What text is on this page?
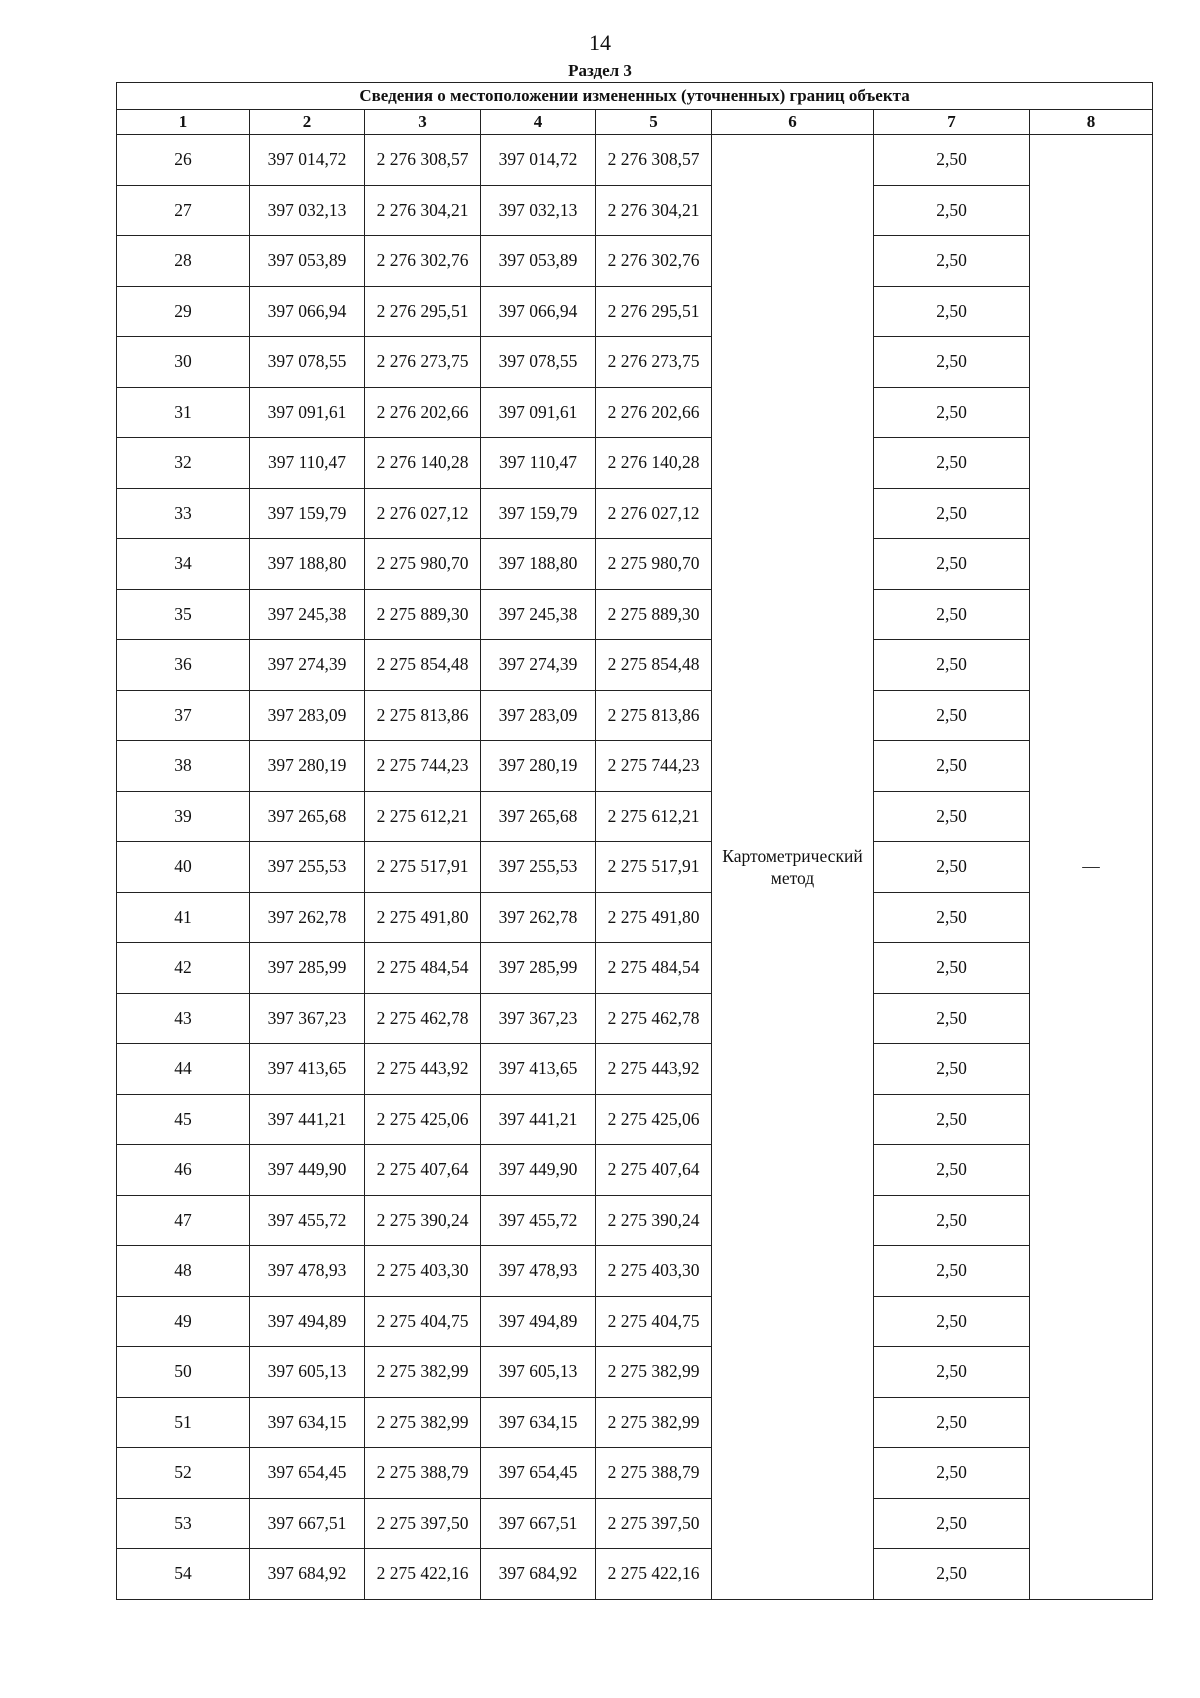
14
Раздел 3
Сведения о местоположении измененных (уточненных) границ объекта							
1	2	3	4	5	6	7	8
26	397 014,72	2 276 308,57	397 014,72	2 276 308,57	Картометрический метод	2,50	—
27	397 032,13	2 276 304,21	397 032,13	2 276 304,21		2,50	
28	397 053,89	2 276 302,76	397 053,89	2 276 302,76		2,50	
29	397 066,94	2 276 295,51	397 066,94	2 276 295,51		2,50	
30	397 078,55	2 276 273,75	397 078,55	2 276 273,75		2,50	
31	397 091,61	2 276 202,66	397 091,61	2 276 202,66		2,50	
32	397 110,47	2 276 140,28	397 110,47	2 276 140,28		2,50	
33	397 159,79	2 276 027,12	397 159,79	2 276 027,12		2,50	
34	397 188,80	2 275 980,70	397 188,80	2 275 980,70		2,50	
35	397 245,38	2 275 889,30	397 245,38	2 275 889,30		2,50	
36	397 274,39	2 275 854,48	397 274,39	2 275 854,48		2,50	
37	397 283,09	2 275 813,86	397 283,09	2 275 813,86		2,50	
38	397 280,19	2 275 744,23	397 280,19	2 275 744,23		2,50	
39	397 265,68	2 275 612,21	397 265,68	2 275 612,21		2,50	
40	397 255,53	2 275 517,91	397 255,53	2 275 517,91		2,50	
41	397 262,78	2 275 491,80	397 262,78	2 275 491,80		2,50	
42	397 285,99	2 275 484,54	397 285,99	2 275 484,54		2,50	
43	397 367,23	2 275 462,78	397 367,23	2 275 462,78		2,50	
44	397 413,65	2 275 443,92	397 413,65	2 275 443,92		2,50	
45	397 441,21	2 275 425,06	397 441,21	2 275 425,06		2,50	
46	397 449,90	2 275 407,64	397 449,90	2 275 407,64		2,50	
47	397 455,72	2 275 390,24	397 455,72	2 275 390,24		2,50	
48	397 478,93	2 275 403,30	397 478,93	2 275 403,30		2,50	
49	397 494,89	2 275 404,75	397 494,89	2 275 404,75		2,50	
50	397 605,13	2 275 382,99	397 605,13	2 275 382,99		2,50	
51	397 634,15	2 275 382,99	397 634,15	2 275 382,99		2,50	
52	397 654,45	2 275 388,79	397 654,45	2 275 388,79		2,50	
53	397 667,51	2 275 397,50	397 667,51	2 275 397,50		2,50	
54	397 684,92	2 275 422,16	397 684,92	2 275 422,16		2,50	
